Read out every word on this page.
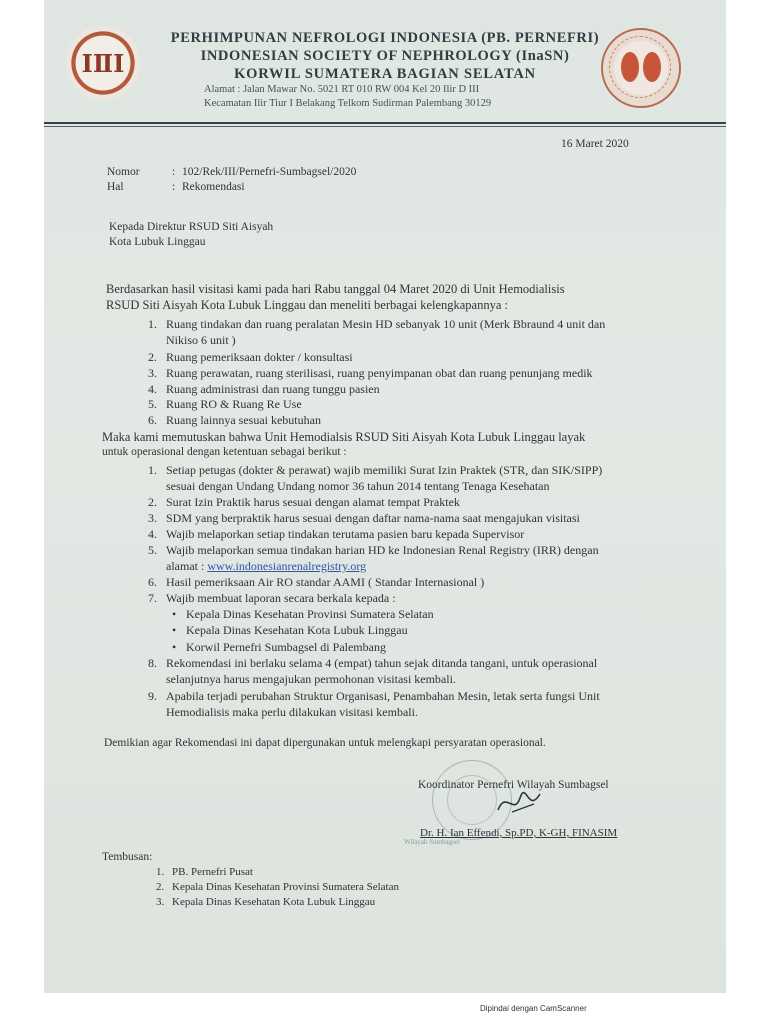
IⅡI
PERHIMPUNAN NEFROLOGI INDONESIA (PB. PERNEFRI)
INDONESIAN SOCIETY OF NEPHROLOGY (InaSN)
KORWIL SUMATERA BAGIAN SELATAN
Alamat : Jalan Mawar No. 5021 RT 010 RW 004 Kel 20 Ilir D III
Kecamatan Ilir Tiur I Belakang Telkom Sudirman Palembang 30129
16 Maret 2020
Nomor	: 102/Rek/III/Pernefri-Sumbagsel/2020
Hal	: Rekomendasi
Kepada Direktur RSUD Siti Aisyah
Kota Lubuk Linggau
Berdasarkan hasil visitasi kami pada hari Rabu tanggal 04 Maret 2020 di Unit Hemodialisis
RSUD Siti Aisyah Kota Lubuk Linggau dan meneliti berbagai kelengkapannya :
1. Ruang tindakan dan ruang peralatan Mesin HD sebanyak 10 unit (Merk Bbraund 4 unit dan
Nikiso 6 unit )
2. Ruang pemeriksaan dokter / konsultasi
3. Ruang perawatan, ruang sterilisasi, ruang penyimpanan obat dan ruang penunjang medik
4. Ruang administrasi dan ruang tunggu pasien
5. Ruang RO & Ruang Re Use
6. Ruang lainnya sesuai kebutuhan
Maka kami memutuskan bahwa Unit Hemodialsis RSUD Siti Aisyah Kota Lubuk Linggau layak
untuk operasional dengan ketentuan sebagai berikut :
1. Setiap petugas (dokter & perawat) wajib memiliki Surat Izin Praktek (STR, dan SIK/SIPP)
sesuai dengan Undang Undang nomor 36 tahun 2014 tentang Tenaga Kesehatan
2. Surat Izin Praktik harus sesuai dengan alamat tempat Praktek
3. SDM yang berpraktik harus sesuai dengan daftar nama-nama saat mengajukan visitasi
4. Wajib melaporkan setiap tindakan terutama pasien baru kepada Supervisor
5. Wajib melaporkan semua tindakan harian HD ke Indonesian Renal Registry (IRR) dengan
alamat : www.indonesianrenalregistry.org
6. Hasil pemeriksaan Air RO standar AAMI ( Standar Internasional )
7. Wajib membuat laporan secara berkala kepada :
• Kepala Dinas Kesehatan Provinsi Sumatera Selatan
• Kepala Dinas Kesehatan Kota Lubuk Linggau
• Korwil Pernefri Sumbagsel di Palembang
8. Rekomendasi ini berlaku selama 4 (empat) tahun sejak ditanda tangani, untuk operasional
selanjutnya harus mengajukan permohonan visitasi kembali.
9. Apabila terjadi perubahan Struktur Organisasi, Penambahan Mesin, letak serta fungsi Unit
Hemodialisis maka perlu dilakukan visitasi kembali.
Demikian agar Rekomendasi ini dapat dipergunakan untuk melengkapi persyaratan operasional.
Koordinator Pernefri Wilayah Sumbagsel
Dr. H. Ian Effendi, Sp.PD, K-GH, FINASIM
Wilayah Sumbagsel
Tembusan:
1. PB. Pernefri Pusat
2. Kepala Dinas Kesehatan Provinsi Sumatera Selatan
3. Kepala Dinas Kesehatan Kota Lubuk Linggau
Dipindai dengan CamScanner
